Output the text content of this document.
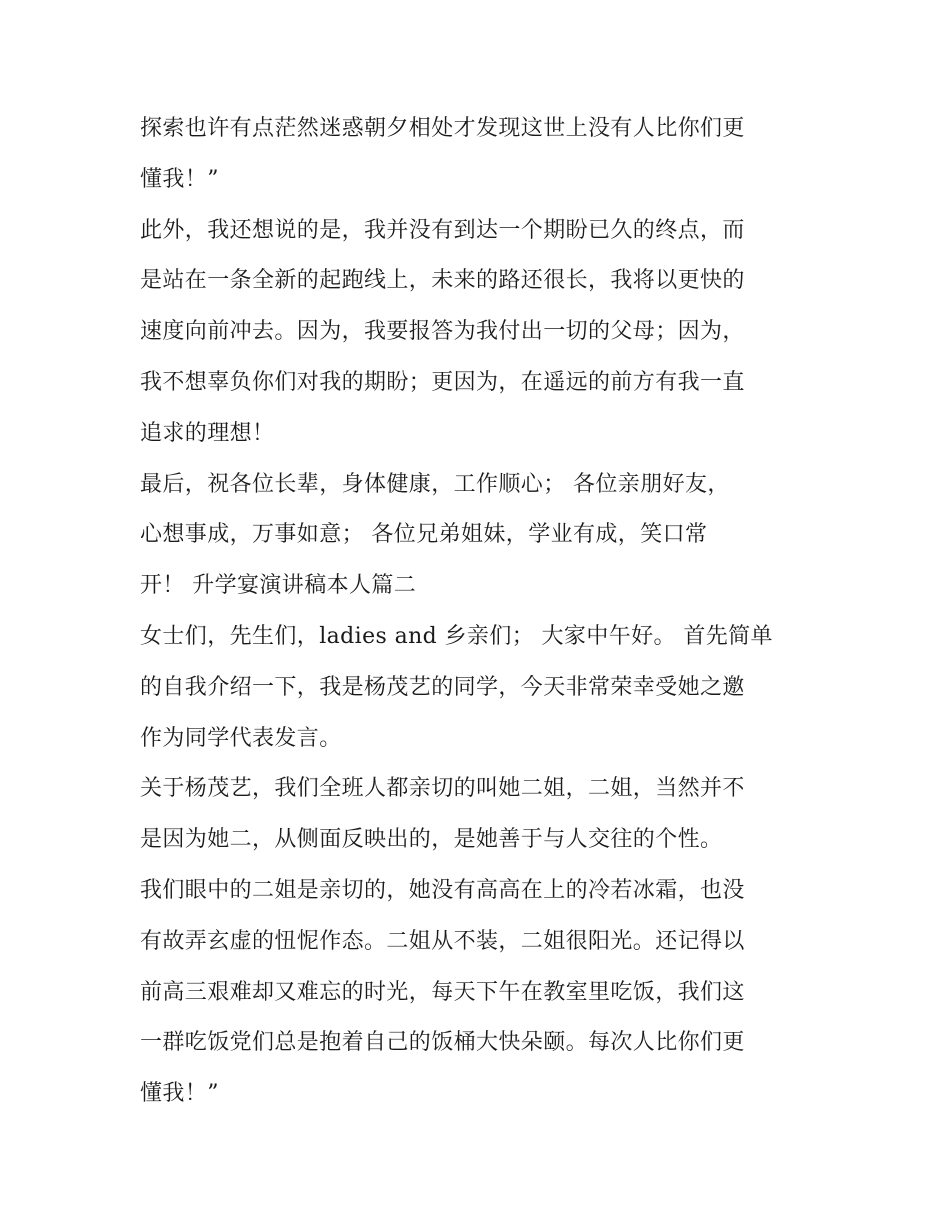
探索也许有点茫然迷惑朝夕相处才发现这世上没有人比你们更
懂我！”
此外，我还想说的是，我并没有到达一个期盼已久的终点，而
是站在一条全新的起跑线上，未来的路还很长，我将以更快的
速度向前冲去。因为，我要报答为我付出一切的父母；因为，
我不想辜负你们对我的期盼；更因为，在遥远的前方有我一直
追求的理想！
最后，祝各位长辈，身体健康，工作顺心； 各位亲朋好友，
心想事成，万事如意； 各位兄弟姐妹，学业有成，笑口常
开！ 升学宴演讲稿本人篇二
女士们，先生们，ladies and 乡亲们； 大家中午好。 首先简单
的自我介绍一下，我是杨茂艺的同学，今天非常荣幸受她之邀
作为同学代表发言。
关于杨茂艺，我们全班人都亲切的叫她二姐，二姐，当然并不
是因为她二，从侧面反映出的，是她善于与人交往的个性。
我们眼中的二姐是亲切的，她没有高高在上的冷若冰霜，也没
有故弄玄虚的忸怩作态。二姐从不装，二姐很阳光。还记得以
前高三艰难却又难忘的时光，每天下午在教室里吃饭，我们这
一群吃饭党们总是抱着自己的饭桶大快朵颐。每次人比你们更
懂我！”
